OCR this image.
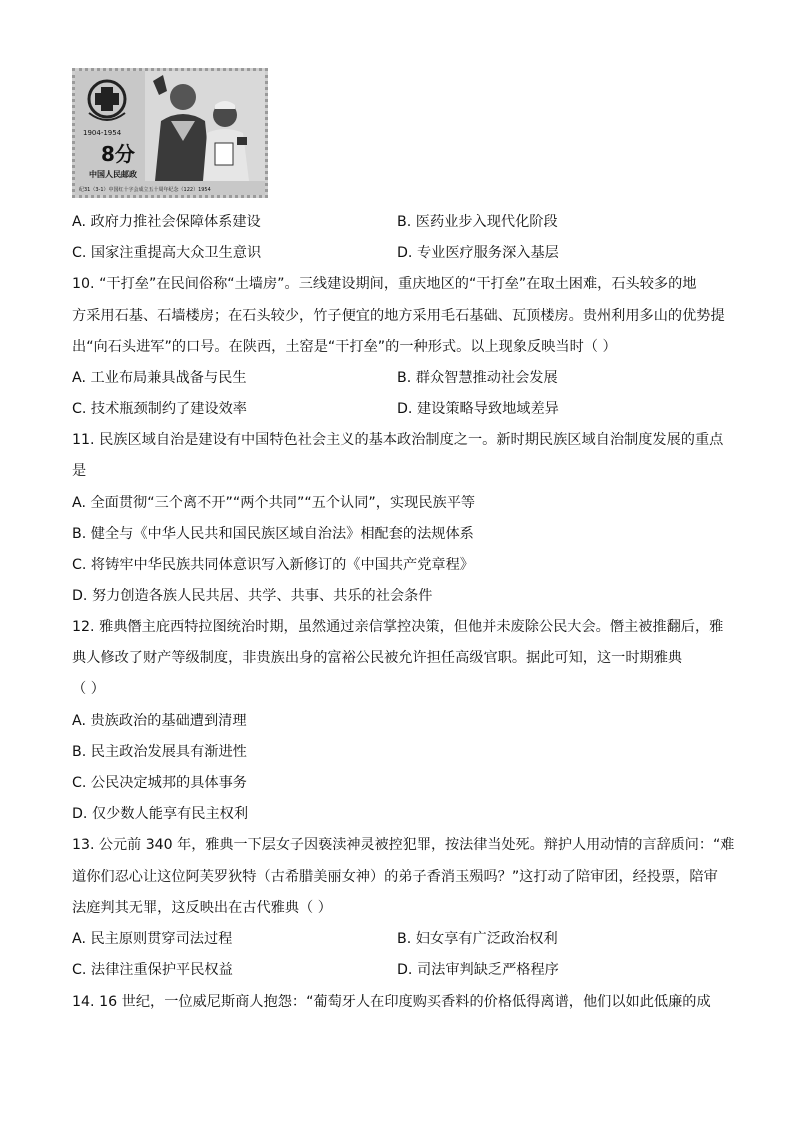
1904-1954
8分
中国人民邮政
纪31（3-1）中国红十字会成立五十周年纪念（122）1954
A. 政府力推社会保障体系建设	B. 医药业步入现代化阶段
C. 国家注重提高大众卫生意识	D. 专业医疗服务深入基层
10. “干打垒”在民间俗称“土墙房”。三线建设期间，重庆地区的“干打垒”在取土困难，石头较多的地
方采用石基、石墙楼房；在石头较少，竹子便宜的地方采用毛石基础、瓦顶楼房。贵州利用多山的优势提
出“向石头进军”的口号。在陕西，土窑是“干打垒”的一种形式。以上现象反映当时（ ）
A. 工业布局兼具战备与民生	B. 群众智慧推动社会发展
C. 技术瓶颈制约了建设效率	D. 建设策略导致地域差异
11. 民族区域自治是建设有中国特色社会主义的基本政治制度之一。新时期民族区域自治制度发展的重点
是
A. 全面贯彻“三个离不开”“两个共同”“五个认同”，实现民族平等
B. 健全与《中华人民共和国民族区域自治法》相配套的法规体系
C. 将铸牢中华民族共同体意识写入新修订的《中国共产党章程》
D. 努力创造各族人民共居、共学、共事、共乐的社会条件
12. 雅典僭主庇西特拉图统治时期，虽然通过亲信掌控决策，但他并未废除公民大会。僭主被推翻后，雅
典人修改了财产等级制度，非贵族出身的富裕公民被允许担任高级官职。据此可知，这一时期雅典
（ ）
A. 贵族政治的基础遭到清理
B. 民主政治发展具有渐进性
C. 公民决定城邦的具体事务
D. 仅少数人能享有民主权利
13. 公元前 340 年，雅典一下层女子因亵渎神灵被控犯罪，按法律当处死。辩护人用动情的言辞质问：“难
道你们忍心让这位阿芙罗狄特（古希腊美丽女神）的弟子香消玉殒吗？”这打动了陪审团，经投票，陪审
法庭判其无罪，这反映出在古代雅典（ ）
A. 民主原则贯穿司法过程	B. 妇女享有广泛政治权利
C. 法律注重保护平民权益	D. 司法审判缺乏严格程序
14. 16 世纪，一位威尼斯商人抱怨：“葡萄牙人在印度购买香料的价格低得离谱，他们以如此低廉的成
